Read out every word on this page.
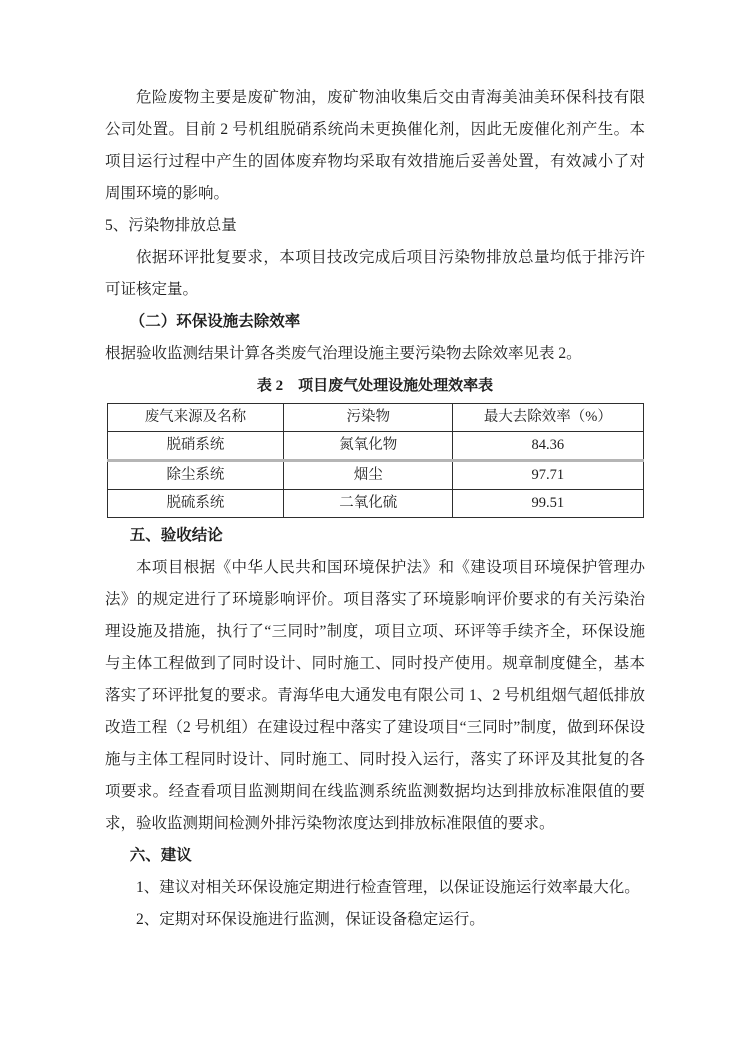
危险废物主要是废矿物油，废矿物油收集后交由青海美油美环保科技有限公司处置。目前 2 号机组脱硝系统尚未更换催化剂，因此无废催化剂产生。本项目运行过程中产生的固体废弃物均采取有效措施后妥善处置，有效减小了对周围环境的影响。

5、污染物排放总量

依据环评批复要求，本项目技改完成后项目污染物排放总量均低于排污许可证核定量。

（二）环保设施去除效率

根据验收监测结果计算各类废气治理设施主要污染物去除效率见表 2。

表 2　项目废气处理设施处理效率表
废气来源及名称	污染物	最大去除效率（%）
脱硝系统	氮氧化物	84.36
除尘系统	烟尘	97.71
脱硫系统	二氧化硫	99.51
五、验收结论

本项目根据《中华人民共和国环境保护法》和《建设项目环境保护管理办法》的规定进行了环境影响评价。项目落实了环境影响评价要求的有关污染治理设施及措施，执行了“三同时”制度，项目立项、环评等手续齐全，环保设施与主体工程做到了同时设计、同时施工、同时投产使用。规章制度健全，基本落实了环评批复的要求。青海华电大通发电有限公司 1、2 号机组烟气超低排放改造工程（2 号机组）在建设过程中落实了建设项目“三同时”制度，做到环保设施与主体工程同时设计、同时施工、同时投入运行，落实了环评及其批复的各项要求。经查看项目监测期间在线监测系统监测数据均达到排放标准限值的要求，验收监测期间检测外排污染物浓度达到排放标准限值的要求。

六、建议

1、建议对相关环保设施定期进行检查管理，以保证设施运行效率最大化。

2、定期对环保设施进行监测，保证设备稳定运行。
